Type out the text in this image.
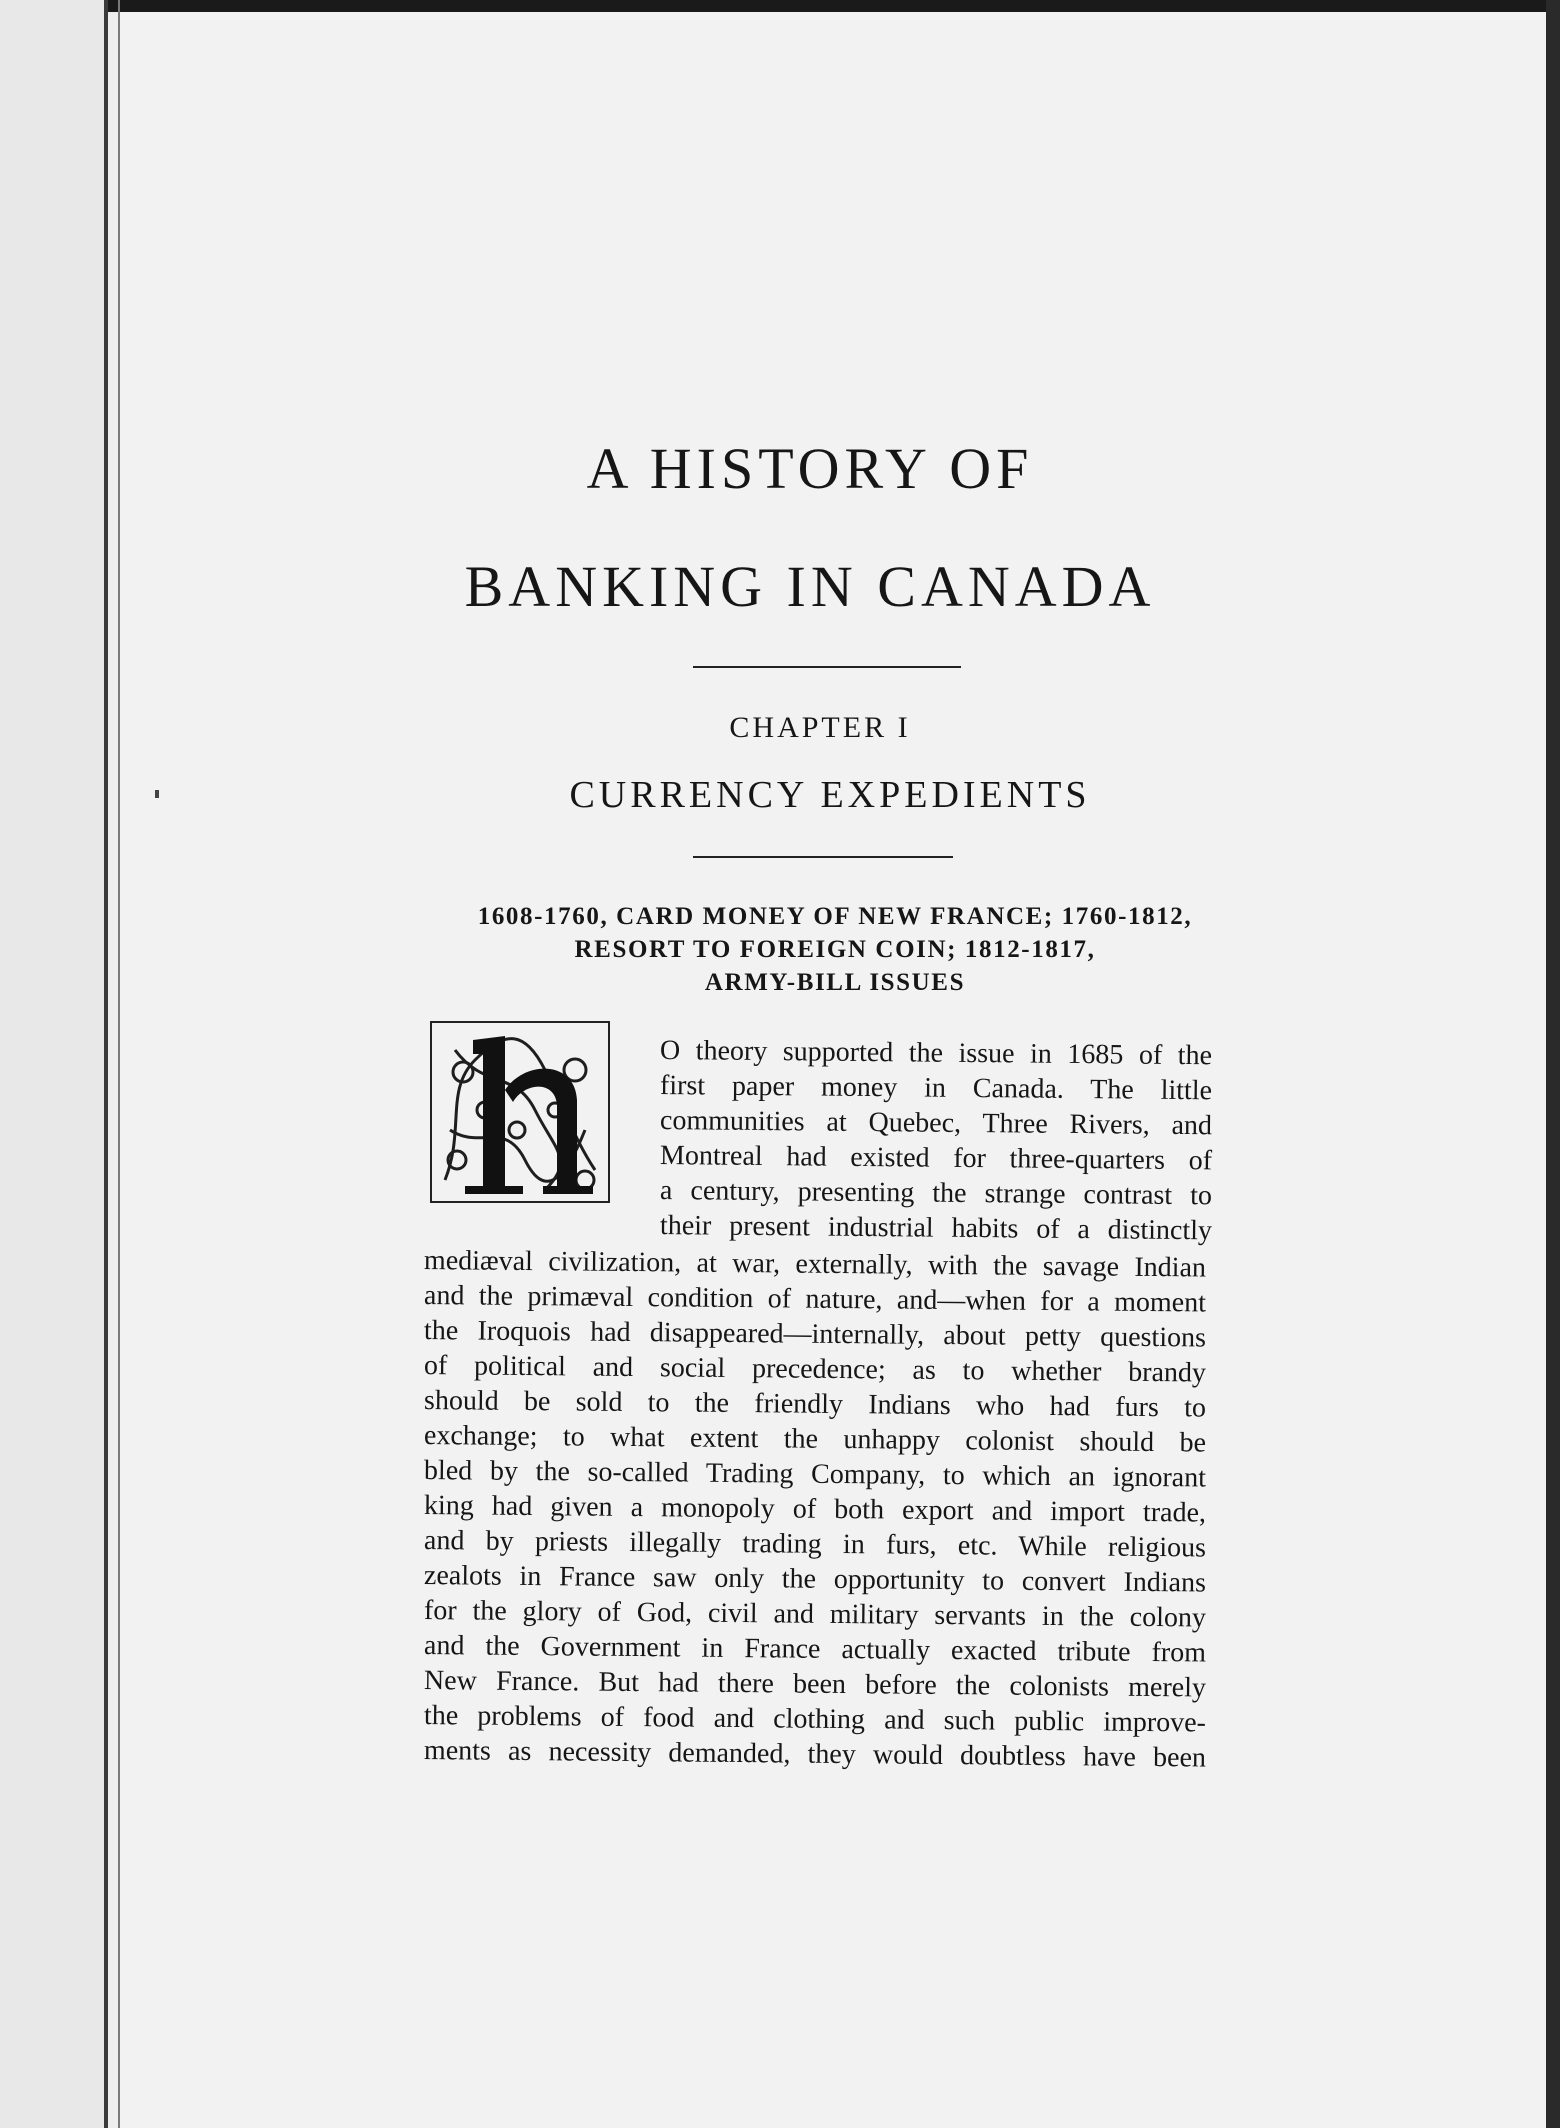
A HISTORY OF
BANKING IN CANADA
CHAPTER I
CURRENCY EXPEDIENTS

1608-1760, CARD MONEY OF NEW FRANCE; 1760-1812,

RESORT TO FOREIGN COIN; 1812-1817,

ARMY-BILL ISSUES

O theory supported the issue in 1685 of the

first paper money in Canada. The little

communities at Quebec, Three Rivers, and

Montreal had existed for three-quarters of

a century, presenting the strange contrast to

their present industrial habits of a distinctly

mediæval civilization, at war, externally, with the savage Indian

and the primæval condition of nature, and—when for a moment

the Iroquois had disappeared—internally, about petty questions

of political and social precedence; as to whether brandy

should be sold to the friendly Indians who had furs to

exchange; to what extent the unhappy colonist should be

bled by the so-called Trading Company, to which an ignorant

king had given a monopoly of both export and import trade,

and by priests illegally trading in furs, etc. While religious

zealots in France saw only the opportunity to convert Indians

for the glory of God, civil and military servants in the colony

and the Government in France actually exacted tribute from

New France. But had there been before the colonists merely

the problems of food and clothing and such public improve-

ments as necessity demanded, they would doubtless have been
